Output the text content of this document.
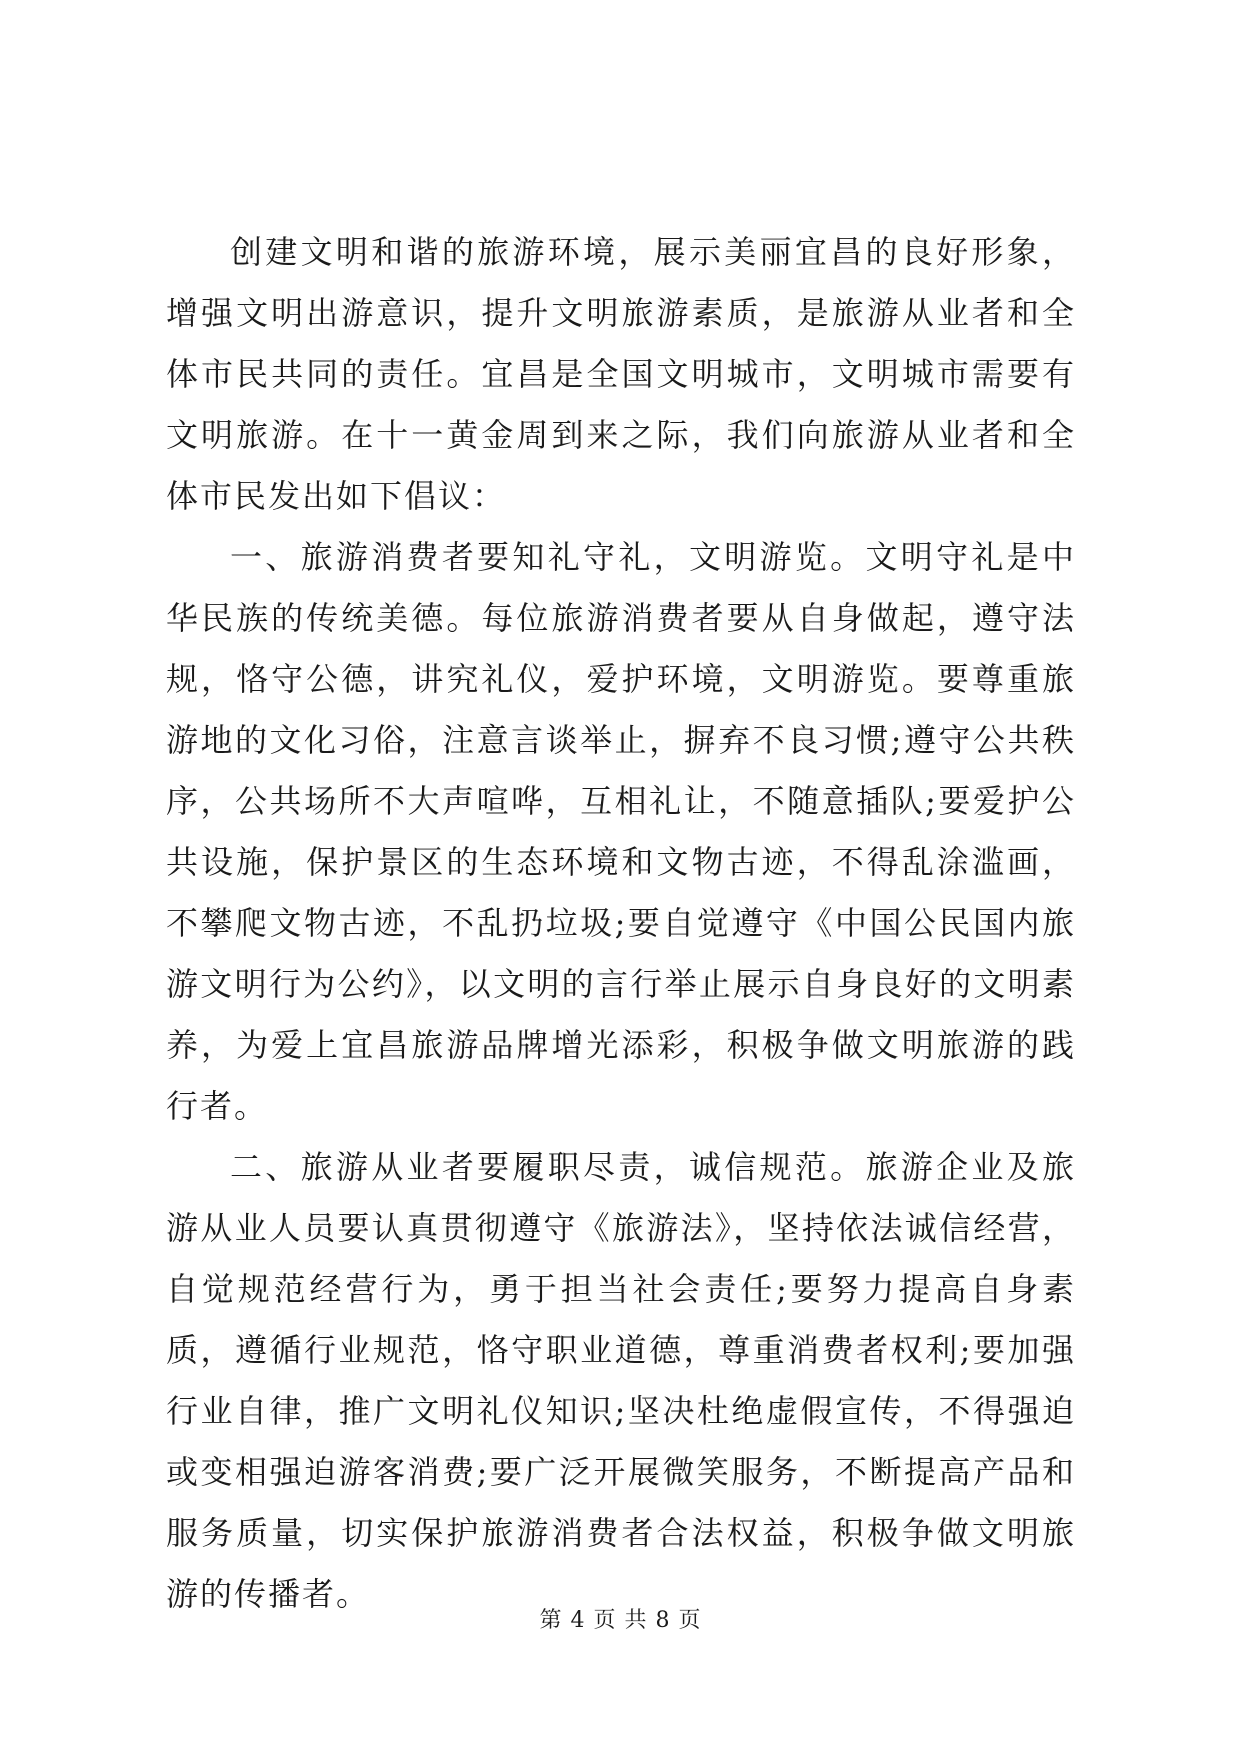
创建文明和谐的旅游环境，展示美丽宜昌的良好形象，增强文明出游意识，提升文明旅游素质，是旅游从业者和全体市民共同的责任。宜昌是全国文明城市，文明城市需要有文明旅游。在十一黄金周到来之际，我们向旅游从业者和全体市民发出如下倡议：

一、旅游消费者要知礼守礼，文明游览。文明守礼是中华民族的传统美德。每位旅游消费者要从自身做起，遵守法规，恪守公德，讲究礼仪，爱护环境，文明游览。要尊重旅游地的文化习俗，注意言谈举止，摒弃不良习惯;遵守公共秩序，公共场所不大声喧哗，互相礼让，不随意插队;要爱护公共设施，保护景区的生态环境和文物古迹，不得乱涂滥画，不攀爬文物古迹，不乱扔垃圾;要自觉遵守《中国公民国内旅游文明行为公约》，以文明的言行举止展示自身良好的文明素养，为爱上宜昌旅游品牌增光添彩，积极争做文明旅游的践行者。

二、旅游从业者要履职尽责，诚信规范。旅游企业及旅游从业人员要认真贯彻遵守《旅游法》，坚持依法诚信经营，自觉规范经营行为，勇于担当社会责任;要努力提高自身素质，遵循行业规范，恪守职业道德，尊重消费者权利;要加强行业自律，推广文明礼仪知识;坚决杜绝虚假宣传，不得强迫或变相强迫游客消费;要广泛开展微笑服务，不断提高产品和服务质量，切实保护旅游消费者合法权益，积极争做文明旅游的传播者。

第 4 页 共 8 页
